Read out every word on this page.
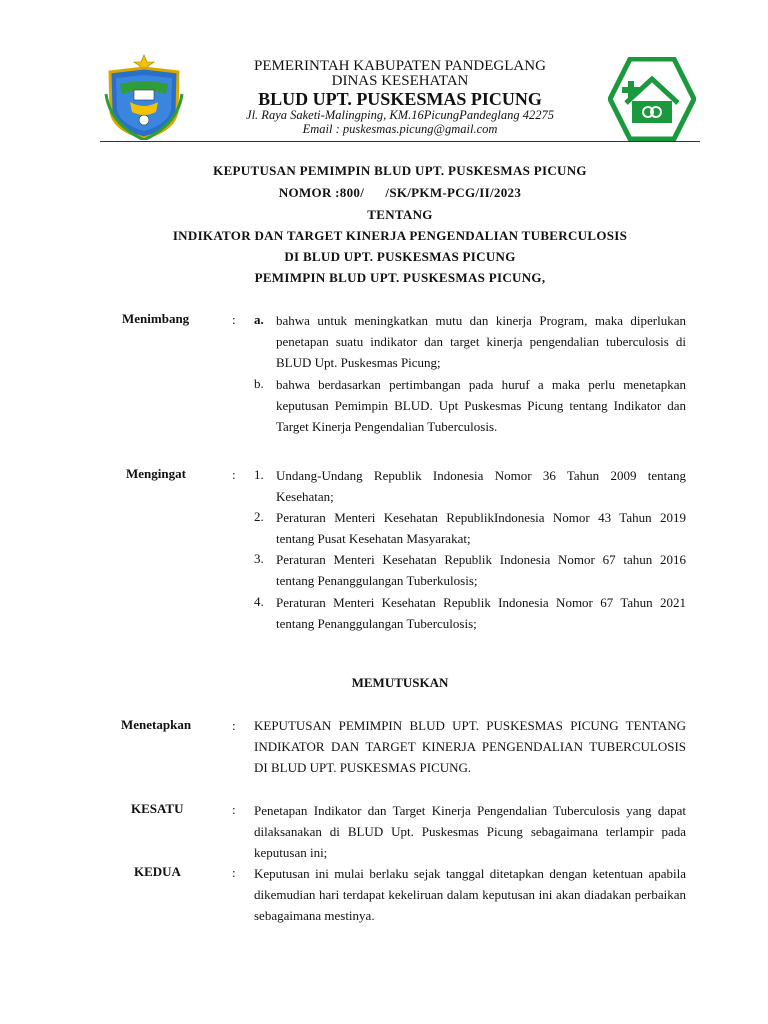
PEMERINTAH KABUPATEN PANDEGLANG
DINAS KESEHATAN
BLUD UPT. PUSKESMAS PICUNG
Jl. Raya Saketi-Malingping, KM.16PicungPandeglang 42275
Email : puskesmas.picung@gmail.com
KEPUTUSAN PEMIMPIN BLUD UPT. PUSKESMAS PICUNG
NOMOR :800/      /SK/PKM-PCG/II/2023
TENTANG
INDIKATOR DAN TARGET KINERJA PENGENDALIAN TUBERCULOSIS
DI BLUD UPT. PUSKESMAS PICUNG
PEMIMPIN BLUD UPT. PUSKESMAS PICUNG,
Menimbang	: a. bahwa untuk meningkatkan mutu dan kinerja Program, maka diperlukan penetapan suatu indikator dan target kinerja pengendalian tuberculosis di BLUD Upt. Puskesmas Picung;
b. bahwa berdasarkan pertimbangan pada huruf a maka perlu menetapkan keputusan Pemimpin BLUD. Upt Puskesmas Picung tentang Indikator dan Target Kinerja Pengendalian Tuberculosis.
Mengingat	: 1. Undang-Undang Republik Indonesia Nomor 36 Tahun 2009 tentang Kesehatan;
2. Peraturan Menteri Kesehatan RepublikIndonesia Nomor 43 Tahun 2019 tentang Pusat Kesehatan Masyarakat;
3. Peraturan Menteri Kesehatan Republik Indonesia Nomor 67 tahun 2016 tentang Penanggulangan Tuberkulosis;
4. Peraturan Menteri Kesehatan Republik Indonesia Nomor 67 Tahun 2021 tentang Penanggulangan Tuberculosis;
MEMUTUSKAN
Menetapkan	: KEPUTUSAN PEMIMPIN BLUD UPT. PUSKESMAS PICUNG TENTANG INDIKATOR DAN TARGET KINERJA PENGENDALIAN TUBERCULOSIS DI BLUD UPT. PUSKESMAS PICUNG.
KESATU	: Penetapan Indikator dan Target Kinerja Pengendalian Tuberculosis yang dapat dilaksanakan di BLUD Upt. Puskesmas Picung sebagaimana terlampir pada keputusan ini;
KEDUA	: Keputusan ini mulai berlaku sejak tanggal ditetapkan dengan ketentuan apabila dikemudian hari terdapat kekeliruan dalam keputusan ini akan diadakan perbaikan sebagaimana mestinya.
